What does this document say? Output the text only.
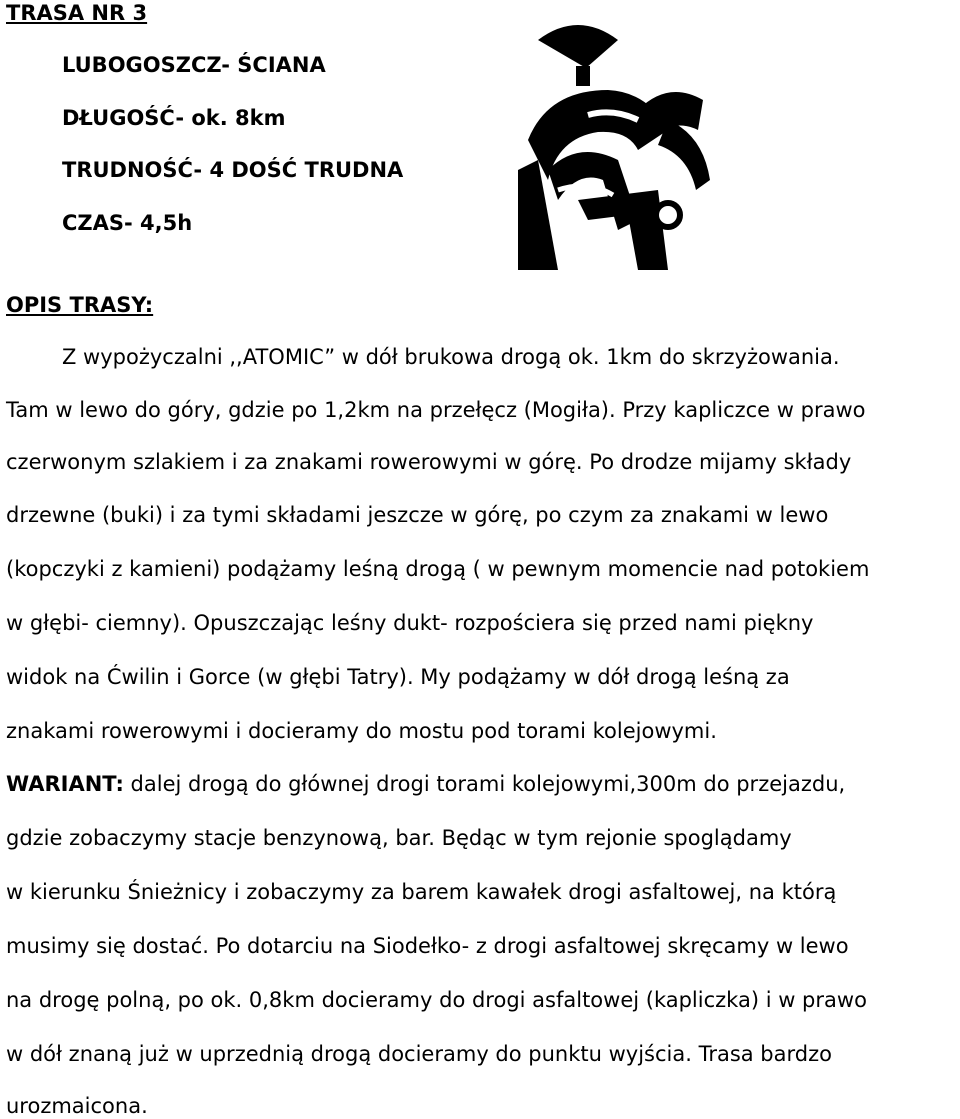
TRASA NR 3
LUBOGOSZCZ- ŚCIANA
DŁUGOŚĆ- ok. 8km
TRUDNOŚĆ- 4 DOŚĆ TRUDNA
CZAS- 4,5h
OPIS TRASY:

Z wypożyczalni ,,ATOMIC” w dół brukowa drogą ok. 1km do skrzyżowania.

Tam w lewo do góry, gdzie po 1,2km na przełęcz (Mogiła). Przy kapliczce w prawo

czerwonym szlakiem i za znakami rowerowymi w górę. Po drodze mijamy składy

drzewne (buki) i za tymi składami jeszcze w górę, po czym za znakami w lewo

(kopczyki z kamieni) podążamy leśną drogą ( w pewnym momencie nad potokiem

w głębi- ciemny). Opuszczając leśny dukt- rozpościera się przed nami piękny

widok na Ćwilin i Gorce (w głębi Tatry). My podążamy w dół drogą leśną za

znakami rowerowymi i docieramy do mostu pod torami kolejowymi.

WARIANT: dalej drogą do głównej drogi torami kolejowymi,300m do przejazdu,

gdzie zobaczymy stacje benzynową, bar. Będąc w tym rejonie spoglądamy

w kierunku Śnieżnicy i zobaczymy za barem kawałek drogi asfaltowej, na którą

musimy się dostać. Po dotarciu na Siodełko- z drogi asfaltowej skręcamy w lewo

na drogę polną, po ok. 0,8km docieramy do drogi asfaltowej (kapliczka) i w prawo

w dół znaną już w uprzednią drogą docieramy do punktu wyjścia. Trasa bardzo

urozmaicona.
